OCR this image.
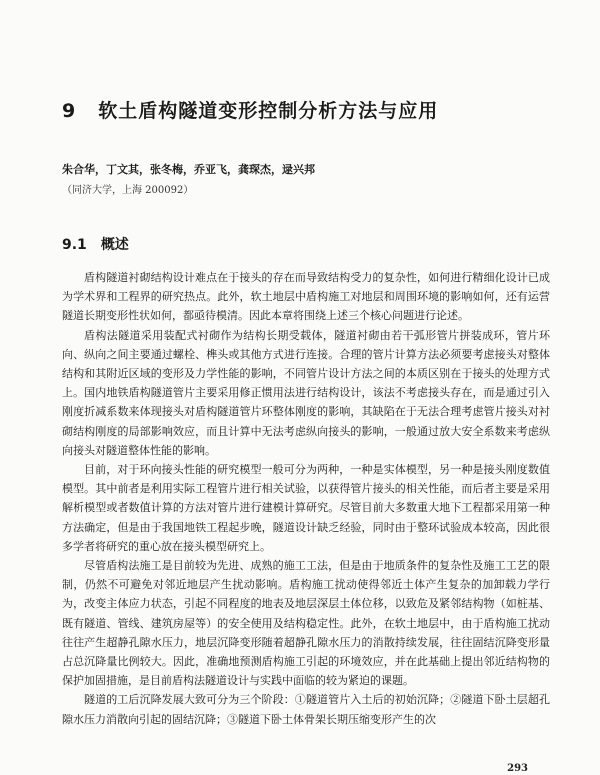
9 软土盾构隧道变形控制分析方法与应用
朱合华，丁文其，张冬梅，乔亚飞，龚琛杰，逯兴邦
（同济大学，上海 200092）
9.1 概述

盾构隧道衬砌结构设计难点在于接头的存在而导致结构受力的复杂性，如何进行精细化设计已成为学术界和工程界的研究热点。此外，软土地层中盾构施工对地层和周围环境的影响如何，还有运营隧道长期变形性状如何，都亟待模清。因此本章将围绕上述三个核心问题进行论述。

盾构法隧道采用装配式衬砌作为结构长期受载体，隧道衬砌由若干弧形管片拼装成环，管片环向、纵向之间主要通过螺栓、榫头或其他方式进行连接。合理的管片计算方法必须要考虑接头对整体结构和其附近区域的变形及力学性能的影响，不同管片设计方法之间的本质区别在于接头的处理方式上。国内地铁盾构隧道管片主要采用修正惯用法进行结构设计，该法不考虑接头存在，而是通过引入刚度折减系数来体现接头对盾构隧道管片环整体刚度的影响，其缺陷在于无法合理考虑管片接头对衬砌结构刚度的局部影响效应，而且计算中无法考虑纵向接头的影响，一般通过放大安全系数来考虑纵向接头对隧道整体性能的影响。

目前，对于环向接头性能的研究模型一般可分为两种，一种是实体模型，另一种是接头刚度数值模型。其中前者是利用实际工程管片进行相关试验，以获得管片接头的相关性能，而后者主要是采用解析模型或者数值计算的方法对管片进行建模计算研究。尽管目前大多数重大地下工程都采用第一种方法确定，但是由于我国地铁工程起步晚，隧道设计缺乏经验，同时由于整环试验成本较高，因此很多学者将研究的重心放在接头模型研究上。

尽管盾构法施工是目前较为先进、成熟的施工工法，但是由于地质条件的复杂性及施工工艺的限制，仍然不可避免对邻近地层产生扰动影响。盾构施工扰动使得邻近土体产生复杂的加卸载力学行为，改变主体应力状态，引起不同程度的地表及地层深层土体位移，以致危及紧邻结构物（如桩基、既有隧道、管线、建筑房屋等）的安全使用及结构稳定性。此外，在软土地层中，由于盾构施工扰动往往产生超静孔隙水压力，地层沉降变形随着超静孔隙水压力的消散持续发展，往往固结沉降变形量占总沉降量比例较大。因此，准确地预测盾构施工引起的环境效应，并在此基础上提出邻近结构物的保护加固措施，是目前盾构法隧道设计与实践中面临的较为紧迫的课题。

隧道的工后沉降发展大致可分为三个阶段：①隧道管片入土后的初始沉降；②隧道下卧土层超孔隙水压力消散向引起的固结沉降；③隧道下卧土体骨架长期压缩变形产生的次

293
